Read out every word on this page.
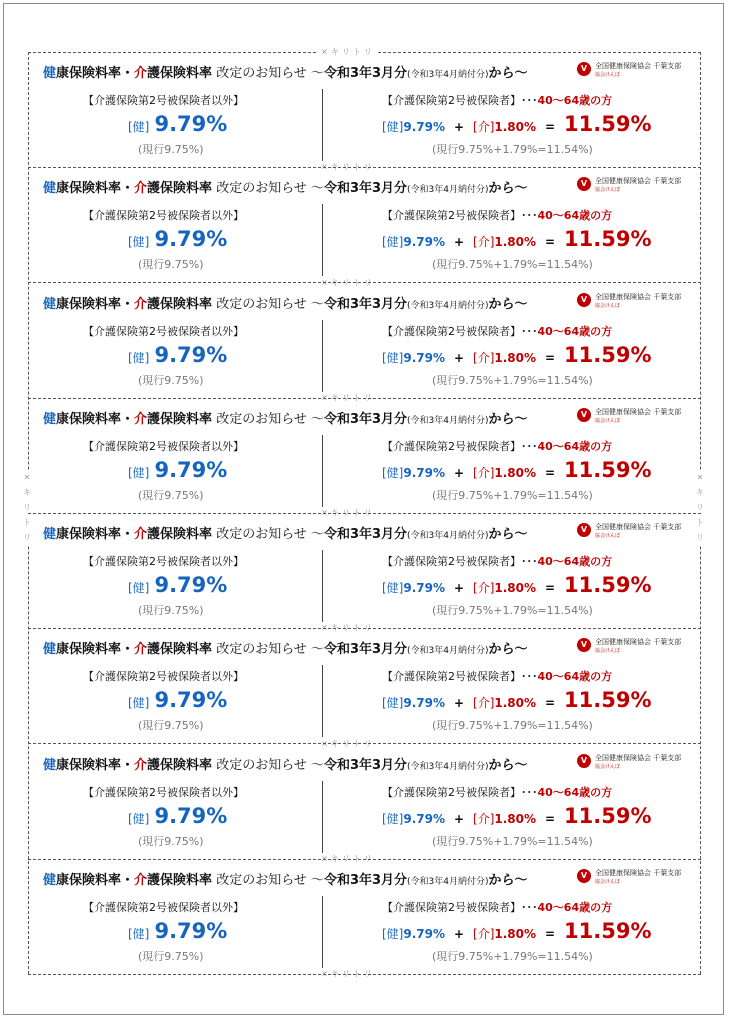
✕キリトリ
✕キリトリ
✕キリトリ
✕キリトリ
✕キリトリ
✕キリトリ
✕キリトリ
✕キリトリ
✕キリトリ
✕
キ
リ
ト
リ
✕
キ
リ
ト
リ
健康保険料率・介護保険料率 改定のお知らせ ～令和3年3月分(令和3年4月納付分)から～	V	全国健康保険協会 千葉支部
協会けんぽ
【介護保険第2号被保険者以外】
[健] 9.79%
(現行9.75%)
【介護保険第2号被保険者】･･･40～64歳の方
[健]9.79% + [介]1.80% = 11.59%
(現行9.75%+1.79%=11.54%)
健康保険料率・介護保険料率 改定のお知らせ ～令和3年3月分(令和3年4月納付分)から～	V	全国健康保険協会 千葉支部
協会けんぽ
【介護保険第2号被保険者以外】
[健] 9.79%
(現行9.75%)
【介護保険第2号被保険者】･･･40～64歳の方
[健]9.79% + [介]1.80% = 11.59%
(現行9.75%+1.79%=11.54%)
健康保険料率・介護保険料率 改定のお知らせ ～令和3年3月分(令和3年4月納付分)から～	V	全国健康保険協会 千葉支部
協会けんぽ
【介護保険第2号被保険者以外】
[健] 9.79%
(現行9.75%)
【介護保険第2号被保険者】･･･40～64歳の方
[健]9.79% + [介]1.80% = 11.59%
(現行9.75%+1.79%=11.54%)
健康保険料率・介護保険料率 改定のお知らせ ～令和3年3月分(令和3年4月納付分)から～	V	全国健康保険協会 千葉支部
協会けんぽ
【介護保険第2号被保険者以外】
[健] 9.79%
(現行9.75%)
【介護保険第2号被保険者】･･･40～64歳の方
[健]9.79% + [介]1.80% = 11.59%
(現行9.75%+1.79%=11.54%)
健康保険料率・介護保険料率 改定のお知らせ ～令和3年3月分(令和3年4月納付分)から～	V	全国健康保険協会 千葉支部
協会けんぽ
【介護保険第2号被保険者以外】
[健] 9.79%
(現行9.75%)
【介護保険第2号被保険者】･･･40～64歳の方
[健]9.79% + [介]1.80% = 11.59%
(現行9.75%+1.79%=11.54%)
健康保険料率・介護保険料率 改定のお知らせ ～令和3年3月分(令和3年4月納付分)から～	V	全国健康保険協会 千葉支部
協会けんぽ
【介護保険第2号被保険者以外】
[健] 9.79%
(現行9.75%)
【介護保険第2号被保険者】･･･40～64歳の方
[健]9.79% + [介]1.80% = 11.59%
(現行9.75%+1.79%=11.54%)
健康保険料率・介護保険料率 改定のお知らせ ～令和3年3月分(令和3年4月納付分)から～	V	全国健康保険協会 千葉支部
協会けんぽ
【介護保険第2号被保険者以外】
[健] 9.79%
(現行9.75%)
【介護保険第2号被保険者】･･･40～64歳の方
[健]9.79% + [介]1.80% = 11.59%
(現行9.75%+1.79%=11.54%)
健康保険料率・介護保険料率 改定のお知らせ ～令和3年3月分(令和3年4月納付分)から～	V	全国健康保険協会 千葉支部
協会けんぽ
【介護保険第2号被保険者以外】
[健] 9.79%
(現行9.75%)
【介護保険第2号被保険者】･･･40～64歳の方
[健]9.79% + [介]1.80% = 11.59%
(現行9.75%+1.79%=11.54%)
